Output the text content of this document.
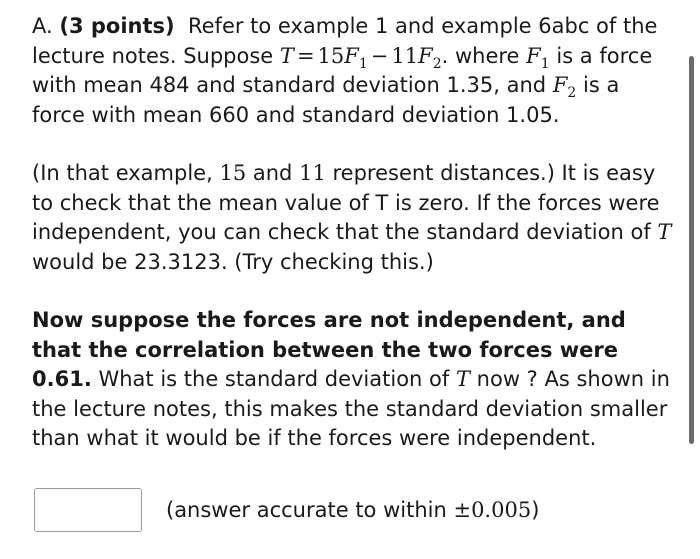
A. (3 points) Refer to example 1 and example 6abc of the lecture notes. Suppose $T = 15F_1 - 11F_2$. where $F_1$ is a force with mean 484 and standard deviation 1.35, and $F_2$ is a force with mean 660 and standard deviation 1.05.

(In that example, 15 and 11 represent distances.) It is easy to check that the mean value of T is zero. If the forces were independent, you can check that the standard deviation of T would be 23.3123. (Try checking this.)

Now suppose the forces are not independent, and that the correlation between the two forces were 0.61. What is the standard deviation of T now ? As shown in the lecture notes, this makes the standard deviation smaller than what it would be if the forces were independent.

(answer accurate to within ±0.005)
